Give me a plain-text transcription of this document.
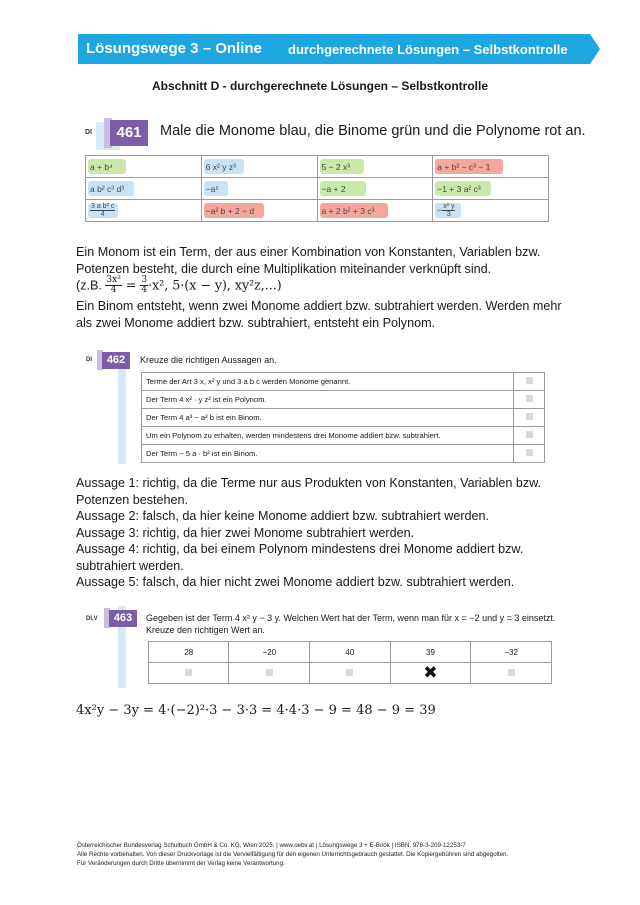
Lösungswege 3 – Online durchgerechnete Lösungen – Selbstkontrolle
Abschnitt D - durchgerechnete Lösungen – Selbstkontrolle
DI	461	Male die Monome blau, die Binome grün und die Polynome rot an.
a + b⁴	6 x² y z³	5 − 2 x³	a + b² − c³ − 1

a b² c³ d³	−a⁵	−a + 2	−1 + 3 a² c³

$\frac{\text{3 a b² c}}{4}$	−a² b + 2 − d	a + 2 b² + 3 c³	− $\frac{\text{x² y}}{3}$
Ein Monom ist ein Term, der aus einer Kombination von Konstanten, Variablen bzw. Potenzen besteht, die durch eine Multiplikation miteinander verknüpft sind.
(z.B. $\frac{\text{3x²}}{4} = \frac{3}{4}\cdot x^2$, 5·(x − y), xy²z,...)
Ein Binom entsteht, wenn zwei Monome addiert bzw. subtrahiert werden. Werden mehr als zwei Monome addiert bzw. subtrahiert, entsteht ein Polynom.
DI	462	Kreuze die richtigen Aussagen an.
Terme der Art 3 x, x² y und 3 a b c werden Monome genannt.	
Der Term 4 x² · y z² ist ein Polynom.	
Der Term 4 a³ − a² b ist ein Binom.	
Um ein Polynom zu erhalten, werden mindestens drei Monome addiert bzw. subtrahiert.	
Der Term − 5 a · b² ist ein Binom.	
Aussage 1: richtig, da die Terme nur aus Produkten von Konstanten, Variablen bzw. Potenzen bestehen.
Aussage 2: falsch, da hier keine Monome addiert bzw. subtrahiert werden.
Aussage 3: richtig, da hier zwei Monome subtrahiert werden.
Aussage 4: richtig, da bei einem Polynom mindestens drei Monome addiert bzw. subtrahiert werden.
Aussage 5: falsch, da hier nicht zwei Monome addiert bzw. subtrahiert werden.
DI,V	463	Gegeben ist der Term 4 x² y − 3 y. Welchen Wert hat der Term, wenn man für x = −2 und y = 3 einsetzt. Kreuze den richtigen Wert an.
28	−20	40	39	−32
			✖	
4x²y − 3y = 4·(−2)²·3 − 3·3 = 4·4·3 − 9 = 48 − 9 = 39
Österreichischer Bundesverlag Schulbuch GmbH & Co. KG, Wien 2025. | www.oebv.at | Lösungswege 3 + E-Book | ISBN: 978-3-209-12253-7
Alle Rechte vorbehalten. Von dieser Druckvorlage ist die Vervielfältigung für den eigenen Unterrichtsgebrauch gestattet. Die Kopiergebühren sind abgegolten.
Für Veränderungen durch Dritte übernimmt der Verlag keine Verantwortung.
